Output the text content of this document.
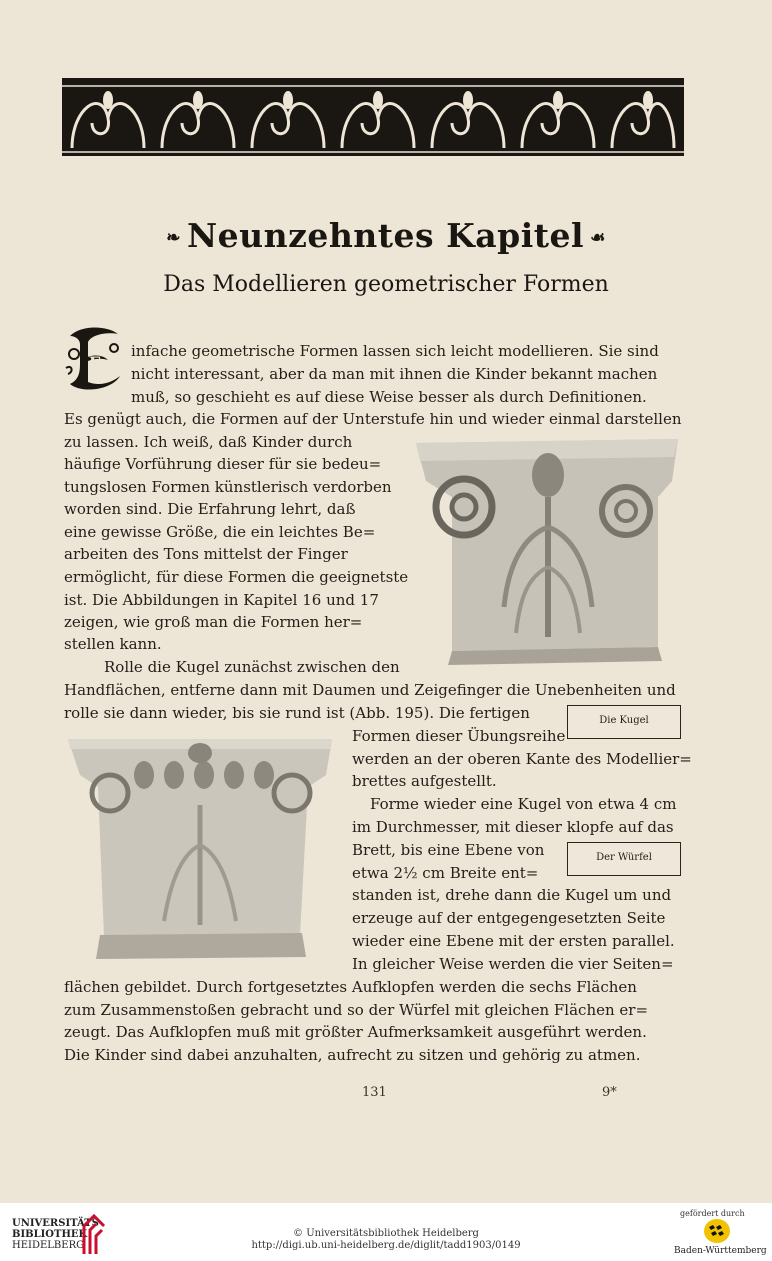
❧ Neunzehntes Kapitel ☙
Das Modellieren geometrischer Formen
E
infache geometrische Formen lassen sich leicht modellieren. Sie sind
nicht interessant, aber da man mit ihnen die Kinder bekannt machen
muß, so geschieht es auf diese Weise besser als durch Definitionen.
Es genügt auch, die Formen auf der Unterstufe hin und wieder einmal darstellen
zu lassen. Ich weiß, daß Kinder durch
häufige Vorführung dieser für sie bedeu=
tungslosen Formen künstlerisch verdorben
worden sind. Die Erfahrung lehrt, daß
eine gewisse Größe, die ein leichtes Be=
arbeiten des Tons mittelst der Finger
ermöglicht, für diese Formen die geeignetste
ist. Die Abbildungen in Kapitel 16 und 17
zeigen, wie groß man die Formen her=
stellen kann.
Rolle die Kugel zunächst zwischen den
Handflächen, entferne dann mit Daumen und Zeigefinger die Unebenheiten und
rolle sie dann wieder, bis sie rund ist (Abb. 195). Die fertigen
Formen dieser Übungsreihe
werden an der oberen Kante des Modellier=
brettes aufgestellt.
Forme wieder eine Kugel von etwa 4 cm
im Durchmesser, mit dieser klopfe auf das
Brett, bis eine Ebene von
etwa 2½ cm Breite ent=
standen ist, drehe dann die Kugel um und
erzeuge auf der entgegengesetzten Seite
wieder eine Ebene mit der ersten parallel.
In gleicher Weise werden die vier Seiten=
flächen gebildet. Durch fortgesetztes Aufklopfen werden die sechs Flächen
zum Zusammenstoßen gebracht und so der Würfel mit gleichen Flächen er=
zeugt. Das Aufklopfen muß mit größter Aufmerksamkeit ausgeführt werden.
Die Kinder sind dabei anzuhalten, aufrecht zu sitzen und gehörig zu atmen.
Die Kugel
Der Würfel
131	9*
UNIVERSITÄTS-
BIBLIOTHEK
HEIDELBERG
© Universitätsbibliothek Heidelberg
http://digi.ub.uni-heidelberg.de/diglit/tadd1903/0149
gefördert durch
Baden-Württemberg
